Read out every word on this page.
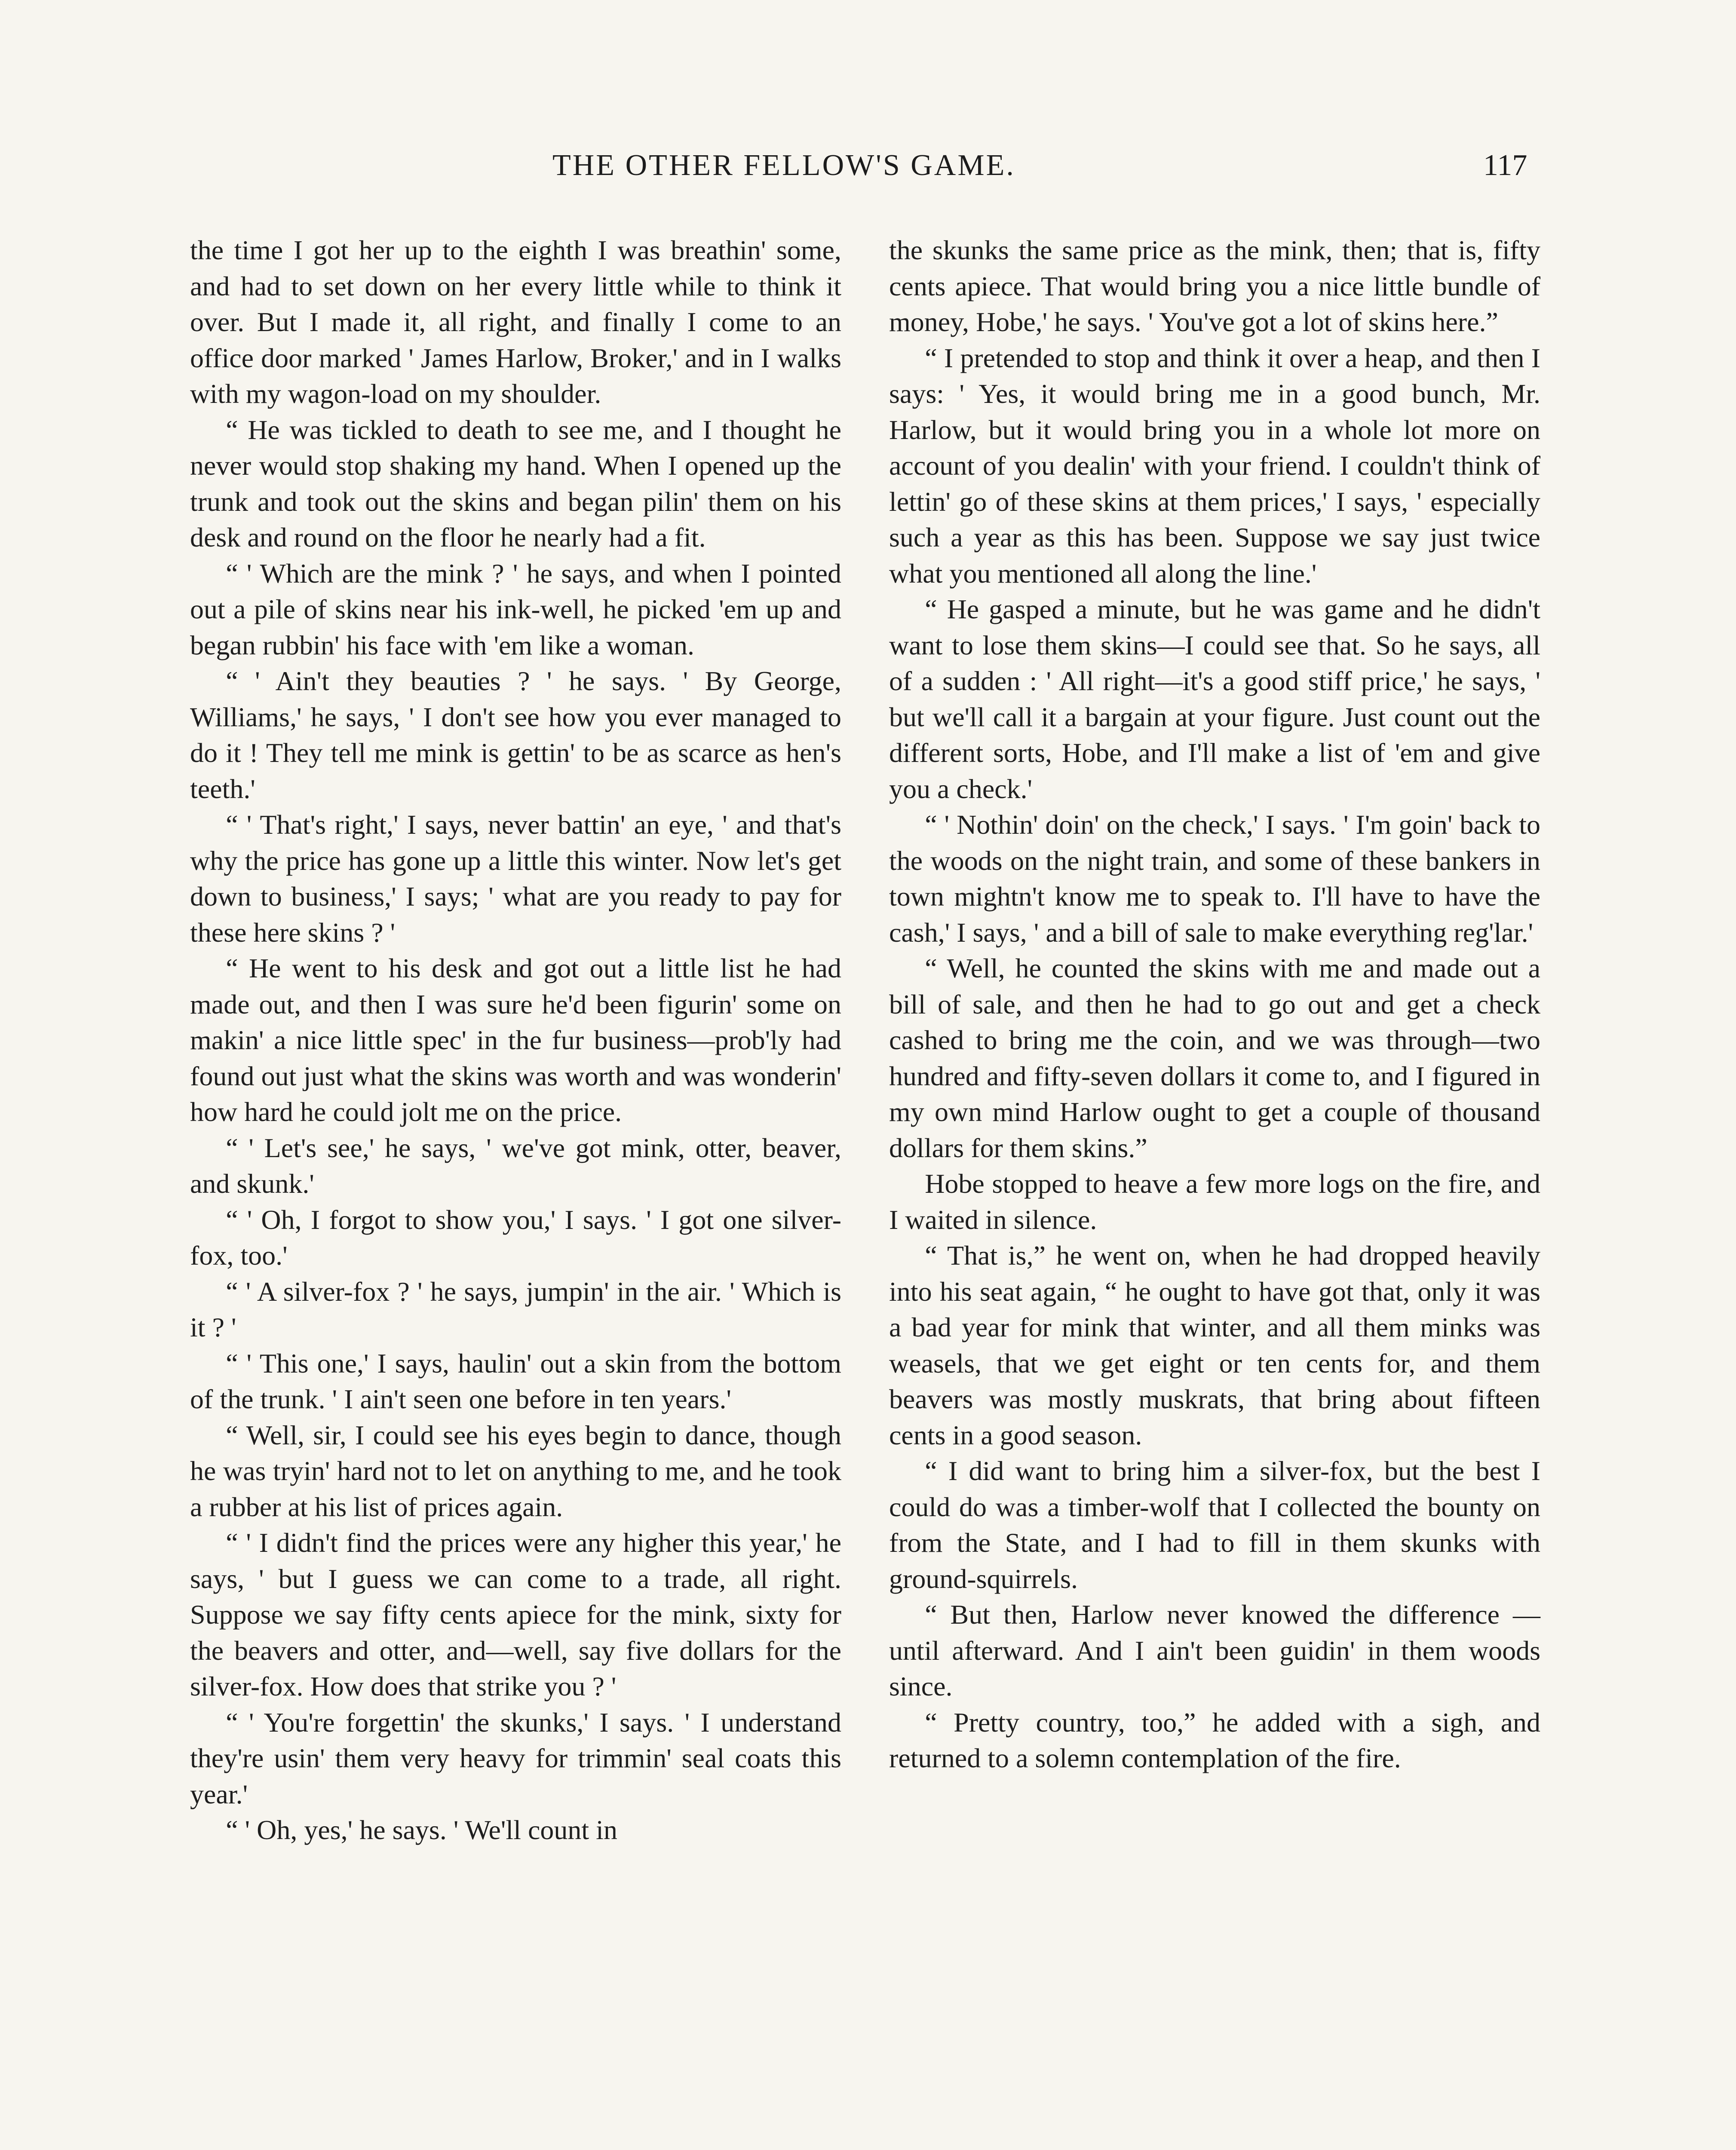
THE OTHER FELLOW'S GAME.	117

the time I got her up to the eighth I was breathin' some, and had to set down on her every little while to think it over. But I made it, all right, and finally I come to an office door marked ' James Harlow, Broker,' and in I walks with my wagon-load on my shoulder.

“ He was tickled to death to see me, and I thought he never would stop shaking my hand. When I opened up the trunk and took out the skins and began pilin' them on his desk and round on the floor he nearly had a fit.

“ ' Which are the mink ? ' he says, and when I pointed out a pile of skins near his ink-well, he picked 'em up and began rubbin' his face with 'em like a woman.

“ ' Ain't they beauties ? ' he says. ' By George, Williams,' he says, ' I don't see how you ever managed to do it ! They tell me mink is gettin' to be as scarce as hen's teeth.'

“ ' That's right,' I says, never battin' an eye, ' and that's why the price has gone up a little this winter. Now let's get down to business,' I says; ' what are you ready to pay for these here skins ? '

“ He went to his desk and got out a little list he had made out, and then I was sure he'd been figurin' some on makin' a nice little spec' in the fur business—prob'ly had found out just what the skins was worth and was wonderin' how hard he could jolt me on the price.

“ ' Let's see,' he says, ' we've got mink, otter, beaver, and skunk.'

“ ' Oh, I forgot to show you,' I says. ' I got one silver-fox, too.'

“ ' A silver-fox ? ' he says, jumpin' in the air. ' Which is it ? '

“ ' This one,' I says, haulin' out a skin from the bottom of the trunk. ' I ain't seen one before in ten years.'

“ Well, sir, I could see his eyes begin to dance, though he was tryin' hard not to let on anything to me, and he took a rubber at his list of prices again.

“ ' I didn't find the prices were any higher this year,' he says, ' but I guess we can come to a trade, all right. Suppose we say fifty cents apiece for the mink, sixty for the beavers and otter, and—well, say five dollars for the silver-fox. How does that strike you ? '

“ ' You're forgettin' the skunks,' I says. ' I understand they're usin' them very heavy for trimmin' seal coats this year.'

“ ' Oh, yes,' he says. ' We'll count in

the skunks the same price as the mink, then; that is, fifty cents apiece. That would bring you a nice little bundle of money, Hobe,' he says. ' You've got a lot of skins here.”

“ I pretended to stop and think it over a heap, and then I says: ' Yes, it would bring me in a good bunch, Mr. Harlow, but it would bring you in a whole lot more on account of you dealin' with your friend. I couldn't think of lettin' go of these skins at them prices,' I says, ' especially such a year as this has been. Suppose we say just twice what you mentioned all along the line.'

“ He gasped a minute, but he was game and he didn't want to lose them skins—I could see that. So he says, all of a sudden : ' All right—it's a good stiff price,' he says, ' but we'll call it a bargain at your figure. Just count out the different sorts, Hobe, and I'll make a list of 'em and give you a check.'

“ ' Nothin' doin' on the check,' I says. ' I'm goin' back to the woods on the night train, and some of these bankers in town mightn't know me to speak to. I'll have to have the cash,' I says, ' and a bill of sale to make everything reg'lar.'

“ Well, he counted the skins with me and made out a bill of sale, and then he had to go out and get a check cashed to bring me the coin, and we was through—two hundred and fifty-seven dollars it come to, and I figured in my own mind Harlow ought to get a couple of thousand dollars for them skins.”

Hobe stopped to heave a few more logs on the fire, and I waited in silence.

“ That is,” he went on, when he had dropped heavily into his seat again, “ he ought to have got that, only it was a bad year for mink that winter, and all them minks was weasels, that we get eight or ten cents for, and them beavers was mostly muskrats, that bring about fifteen cents in a good season.

“ I did want to bring him a silver-fox, but the best I could do was a timber-wolf that I collected the bounty on from the State, and I had to fill in them skunks with ground-squirrels.

“ But then, Harlow never knowed the difference — until afterward. And I ain't been guidin' in them woods since.

“ Pretty country, too,” he added with a sigh, and returned to a solemn contemplation of the fire.
